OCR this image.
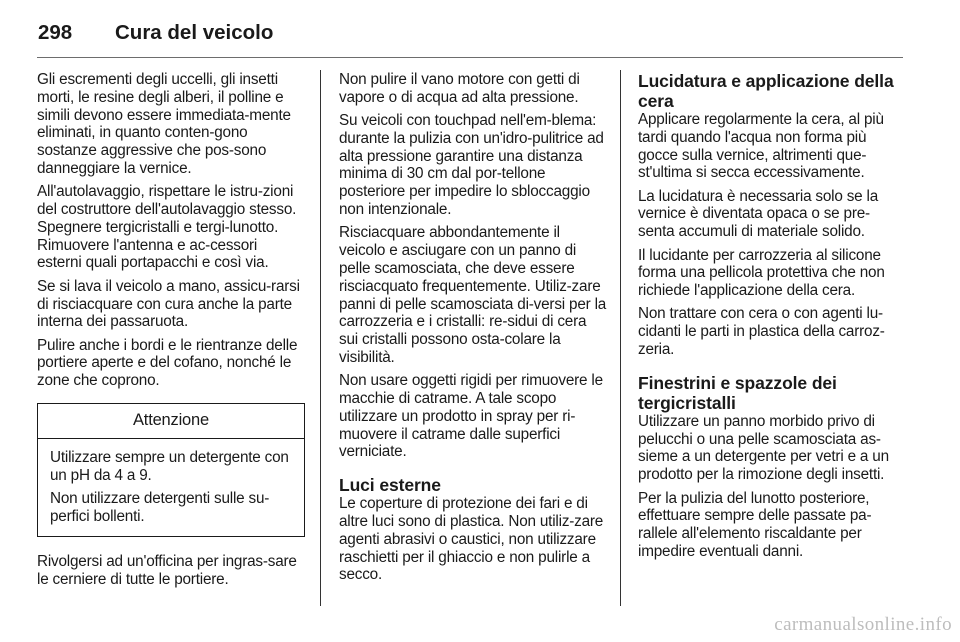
298 Cura del veicolo

Gli escrementi degli uccelli, gli insetti morti, le resine degli alberi, il polline e simili devono essere immediata-mente eliminati, in quanto conten-gono sostanze aggressive che pos-sono danneggiare la vernice.

All'autolavaggio, rispettare le istru-zioni del costruttore dell'autolavaggio stesso. Spegnere tergicristalli e tergi-lunotto. Rimuovere l'antenna e ac-cessori esterni quali portapacchi e così via.

Se si lava il veicolo a mano, assicu-rarsi di risciacquare con cura anche la parte interna dei passaruota.

Pulire anche i bordi e le rientranze delle portiere aperte e del cofano, nonché le zone che coprono.

Attenzione

Utilizzare sempre un detergente con un pH da 4 a 9.

Non utilizzare detergenti sulle su-perfici bollenti.

Rivolgersi ad un'officina per ingras-sare le cerniere di tutte le portiere.

Non pulire il vano motore con getti di vapore o di acqua ad alta pressione.

Su veicoli con touchpad nell'em-blema: durante la pulizia con un'idro-pulitrice ad alta pressione garantire una distanza minima di 30 cm dal por-tellone posteriore per impedire lo sbloccaggio non intenzionale.

Risciacquare abbondantemente il veicolo e asciugare con un panno di pelle scamosciata, che deve essere risciacquato frequentemente. Utiliz-zare panni di pelle scamosciata di-versi per la carrozzeria e i cristalli: re-sidui di cera sui cristalli possono osta-colare la visibilità.

Non usare oggetti rigidi per rimuovere le macchie di catrame. A tale scopo utilizzare un prodotto in spray per ri-muovere il catrame dalle superfici verniciate.

Luci esterne

Le coperture di protezione dei fari e di altre luci sono di plastica. Non utiliz-zare agenti abrasivi o caustici, non utilizzare raschietti per il ghiaccio e non pulirle a secco.

Lucidatura e applicazione della cera

Applicare regolarmente la cera, al più tardi quando l'acqua non forma più gocce sulla vernice, altrimenti que-st'ultima si secca eccessivamente.

La lucidatura è necessaria solo se la vernice è diventata opaca o se pre-senta accumuli di materiale solido.

Il lucidante per carrozzeria al silicone forma una pellicola protettiva che non richiede l'applicazione della cera.

Non trattare con cera o con agenti lu-cidanti le parti in plastica della carroz-zeria.

Finestrini e spazzole dei tergicristalli

Utilizzare un panno morbido privo di pelucchi o una pelle scamosciata as-sieme a un detergente per vetri e a un prodotto per la rimozione degli insetti.

Per la pulizia del lunotto posteriore, effettuare sempre delle passate pa-rallele all'elemento riscaldante per impedire eventuali danni.

carmanualsonline.info
